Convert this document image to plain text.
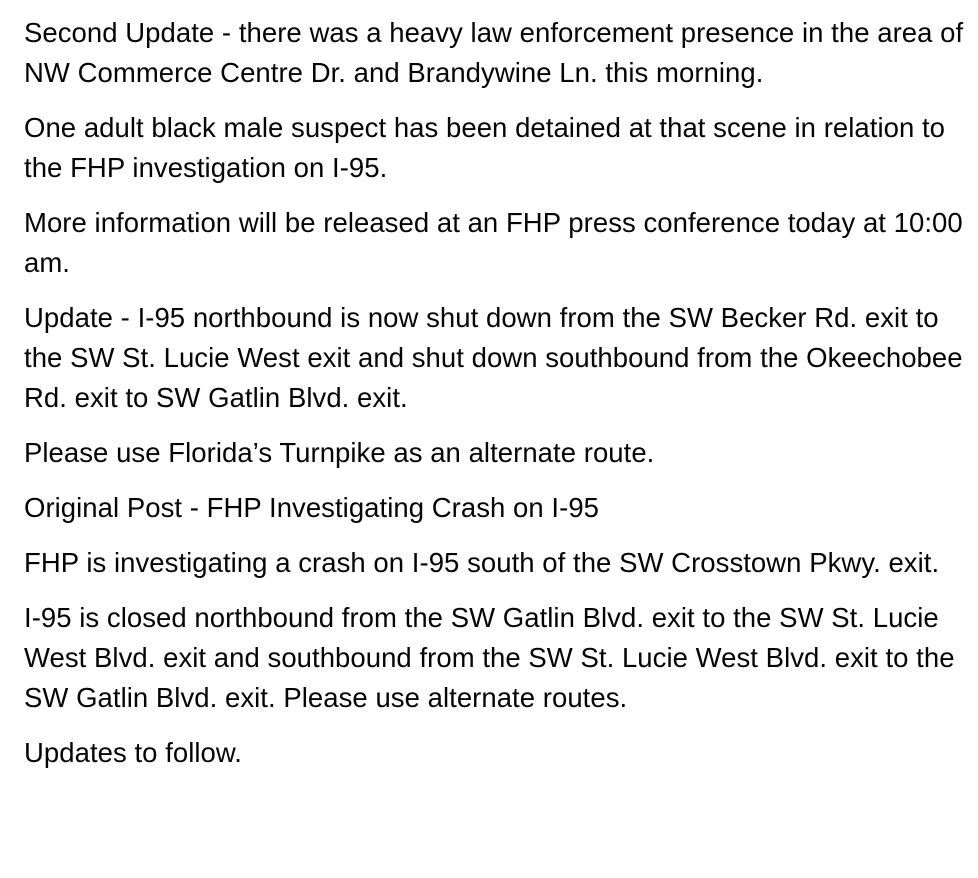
Second Update - there was a heavy law enforcement presence in the area of NW Commerce Centre Dr. and Brandywine Ln. this morning.

One adult black male suspect has been detained at that scene in relation to the FHP investigation on I-95.

More information will be released at an FHP press conference today at 10:00 am.

Update - I-95 northbound is now shut down from the SW Becker Rd. exit to the SW St. Lucie West exit and shut down southbound from the Okeechobee Rd. exit to SW Gatlin Blvd. exit.

Please use Florida’s Turnpike as an alternate route.

Original Post - FHP Investigating Crash on I-95

FHP is investigating a crash on I-95 south of the SW Crosstown Pkwy. exit.

I-95 is closed northbound from the SW Gatlin Blvd. exit to the SW St. Lucie West Blvd. exit and southbound from the SW St. Lucie West Blvd. exit to the SW Gatlin Blvd. exit. Please use alternate routes.

Updates to follow.
